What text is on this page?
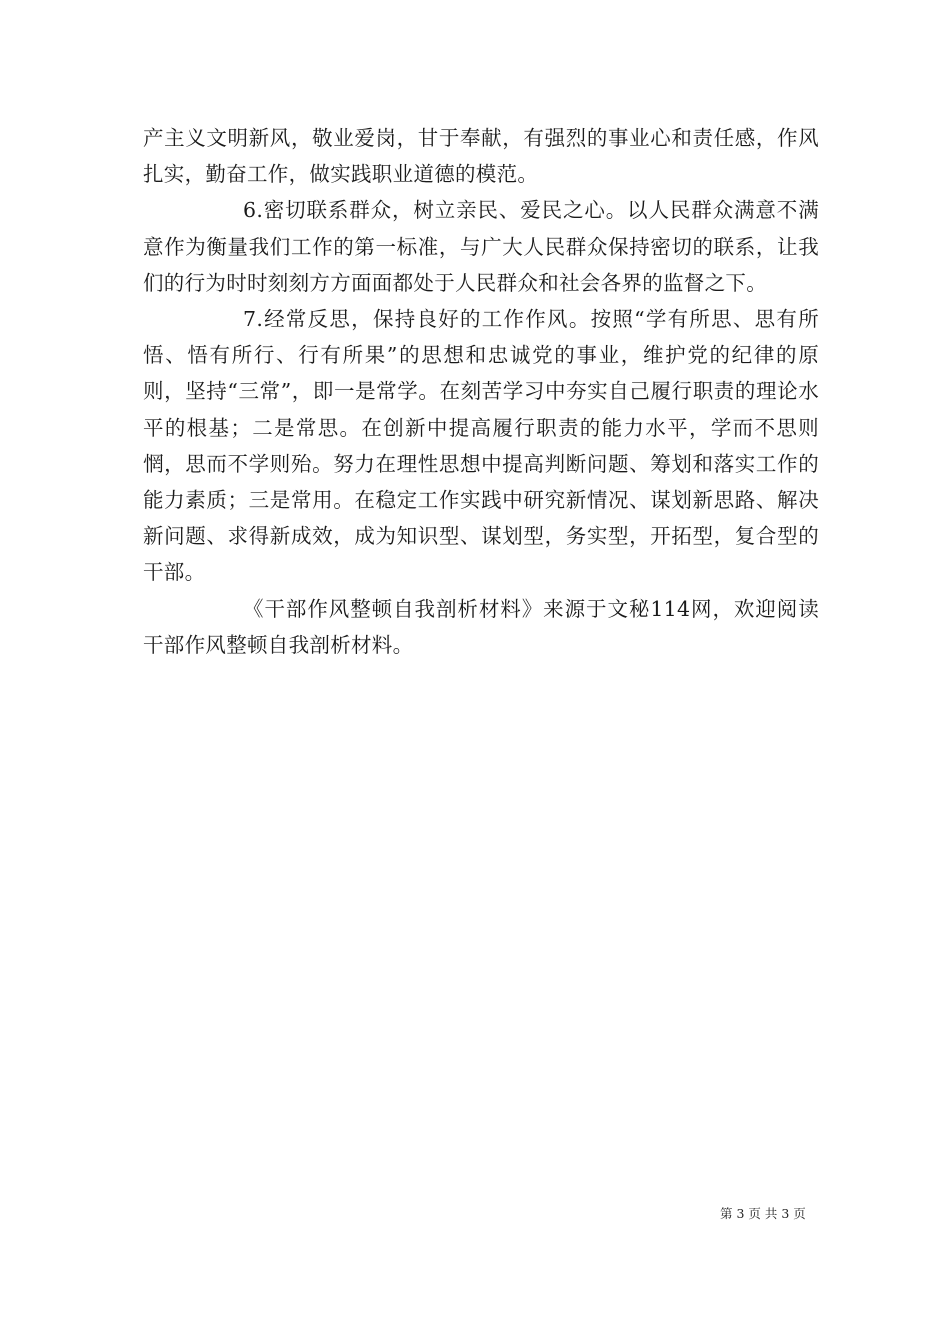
产主义文明新风，敬业爱岗，甘于奉献，有强烈的事业心和责任感，作风扎实，勤奋工作，做实践职业道德的模范。

6.密切联系群众，树立亲民、爱民之心。以人民群众满意不满意作为衡量我们工作的第一标准，与广大人民群众保持密切的联系，让我们的行为时时刻刻方方面面都处于人民群众和社会各界的监督之下。

7.经常反思，保持良好的工作作风。按照“学有所思、思有所悟、悟有所行、行有所果”的思想和忠诚党的事业，维护党的纪律的原则，坚持“三常”，即一是常学。在刻苦学习中夯实自己履行职责的理论水平的根基；二是常思。在创新中提高履行职责的能力水平，学而不思则惘，思而不学则殆。努力在理性思想中提高判断问题、筹划和落实工作的能力素质；三是常用。在稳定工作实践中研究新情况、谋划新思路、解决新问题、求得新成效，成为知识型、谋划型，务实型，开拓型，复合型的干部。

《干部作风整顿自我剖析材料》来源于文秘114网，欢迎阅读干部作风整顿自我剖析材料。

第 3 页 共 3 页
